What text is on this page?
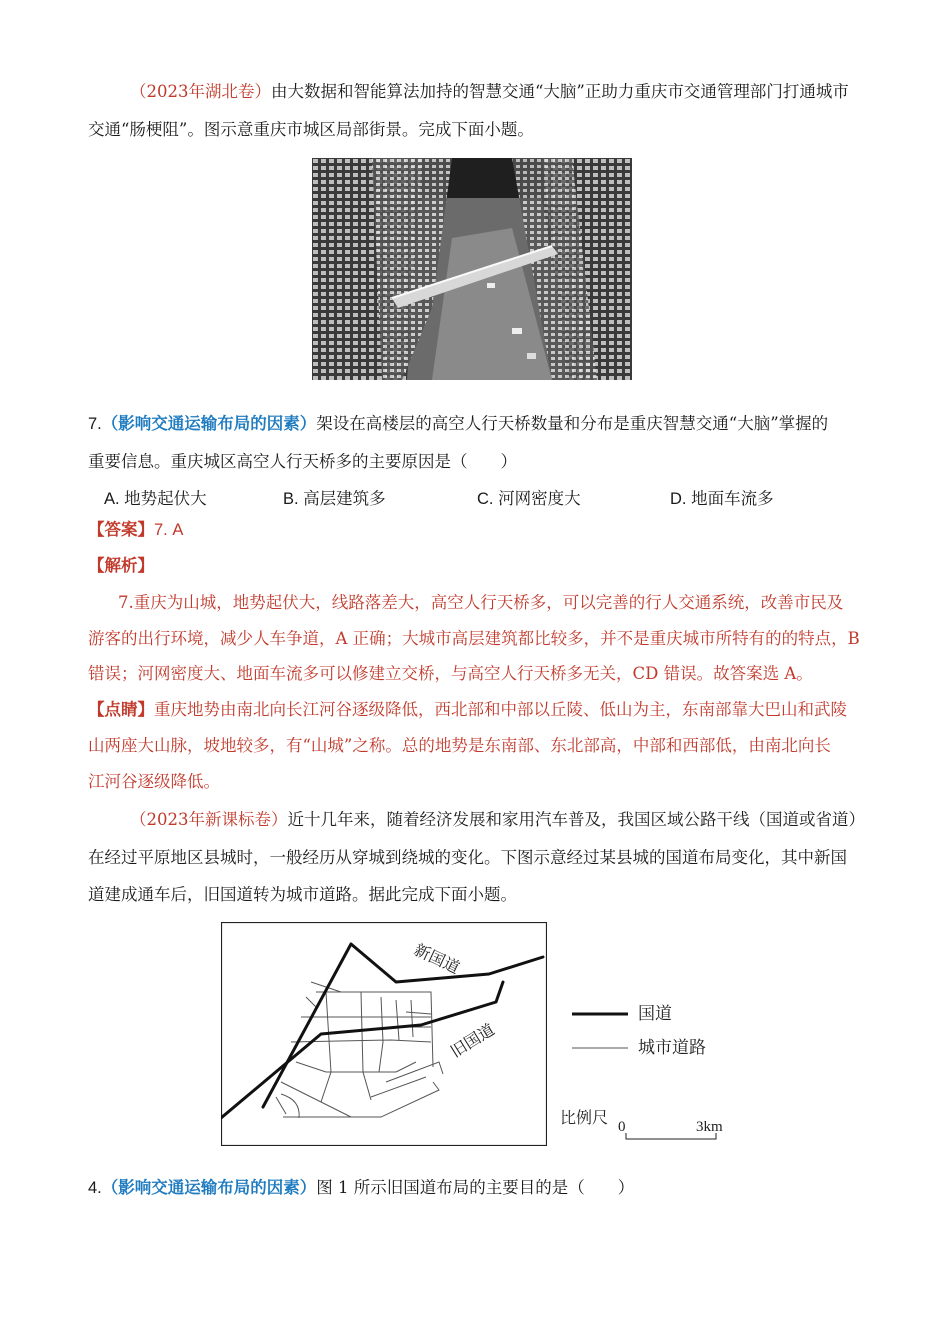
（2023年湖北卷）由大数据和智能算法加持的智慧交通“大脑”正助力重庆市交通管理部门打通城市
交通“肠梗阻”。图示意重庆市城区局部街景。完成下面小题。
7.（影响交通运输布局的因素）架设在高楼层的高空人行天桥数量和分布是重庆智慧交通“大脑”掌握的
重要信息。重庆城区高空人行天桥多的主要原因是（　　）
A. 地势起伏大	B. 高层建筑多	C. 河网密度大	D. 地面车流多
【答案】7. A
【解析】
7.重庆为山城，地势起伏大，线路落差大，高空人行天桥多，可以完善的行人交通系统，改善市民及
游客的出行环境，减少人车争道，A 正确；大城市高层建筑都比较多，并不是重庆城市所特有的的特点，B
错误；河网密度大、地面车流多可以修建立交桥，与高空人行天桥多无关，CD 错误。故答案选 A。
【点睛】重庆地势由南北向长江河谷逐级降低，西北部和中部以丘陵、低山为主，东南部靠大巴山和武陵
山两座大山脉，坡地较多，有“山城”之称。总的地势是东南部、东北部高，中部和西部低，由南北向长
江河谷逐级降低。
（2023年新课标卷）近十几年来，随着经济发展和家用汽车普及，我国区域公路干线（国道或省道）
在经过平原地区县城时，一般经历从穿城到绕城的变化。下图示意经过某县城的国道布局变化，其中新国
道建成通车后，旧国道转为城市道路。据此完成下面小题。
新国道
旧国道
国道
城市道路
比例尺 0	3km
4.（影响交通运输布局的因素）图 1 所示旧国道布局的主要目的是（　　）
